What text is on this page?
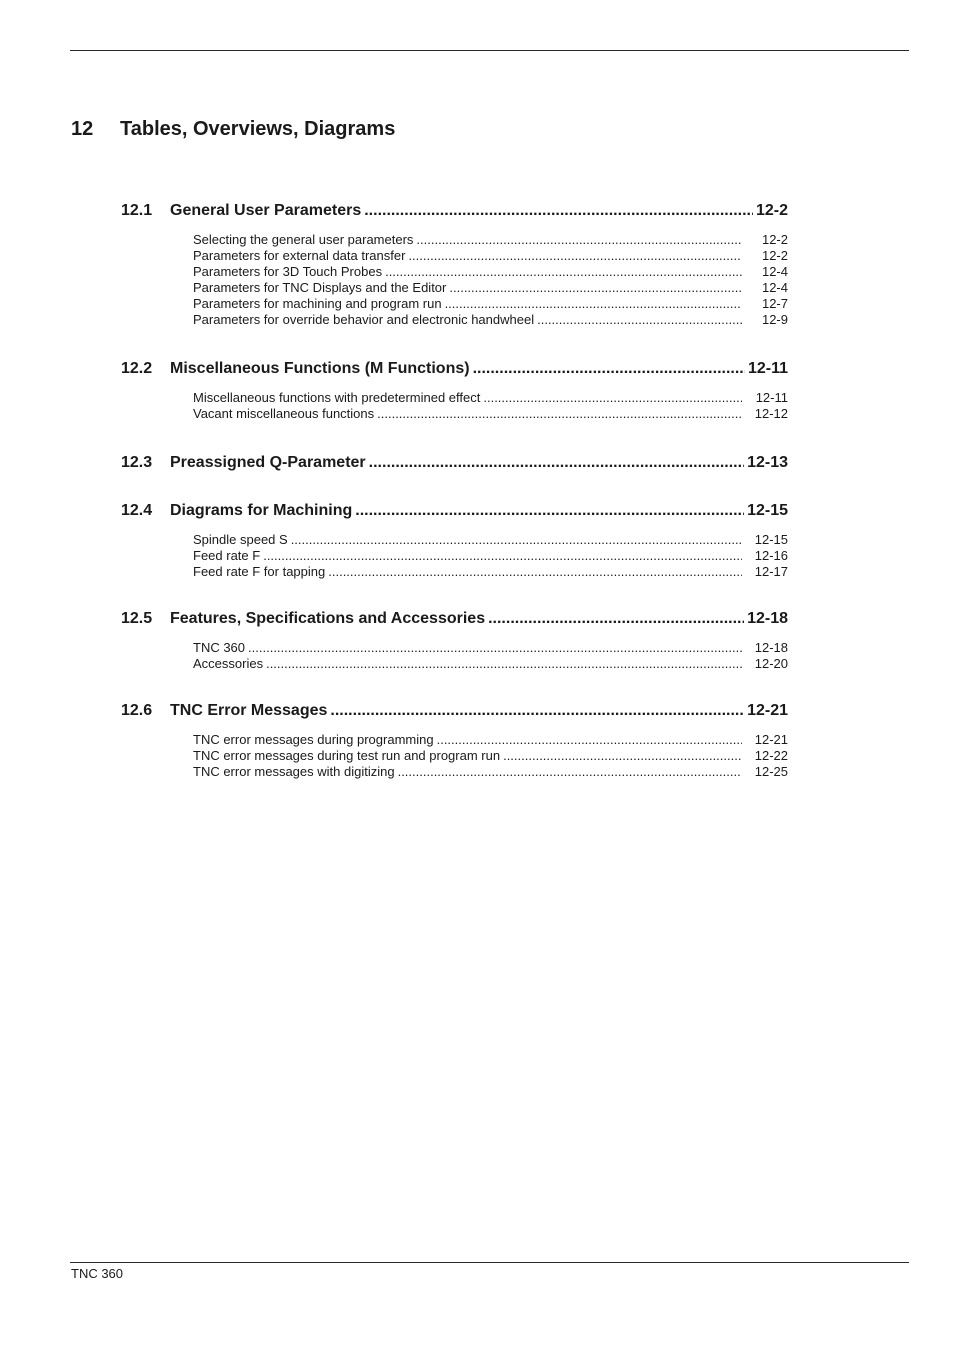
12 Tables, Overviews, Diagrams
12.1	General User Parameters .....	12-2
Selecting the general user parameters .....	12-2
Parameters for external data transfer .....	12-2
Parameters for 3D Touch Probes .....	12-4
Parameters for TNC Displays and the Editor .....	12-4
Parameters for machining and program run .....	12-7
Parameters for override behavior and electronic handwheel .....	12-9
12.2	Miscellaneous Functions (M Functions) .....	12-11
Miscellaneous functions with predetermined effect .....	12-11
Vacant miscellaneous functions .....	12-12
12.3	Preassigned Q-Parameter .....	12-13
12.4	Diagrams for Machining .....	12-15
Spindle speed S .....	12-15
Feed rate F .....	12-16
Feed rate F for tapping .....	12-17
12.5	Features, Specifications and Accessories .....	12-18
TNC 360 .....	12-18
Accessories .....	12-20
12.6	TNC Error Messages .....	12-21
TNC error messages during programming .....	12-21
TNC error messages during test run and program run .....	12-22
TNC error messages with digitizing .....	12-25
TNC 360
